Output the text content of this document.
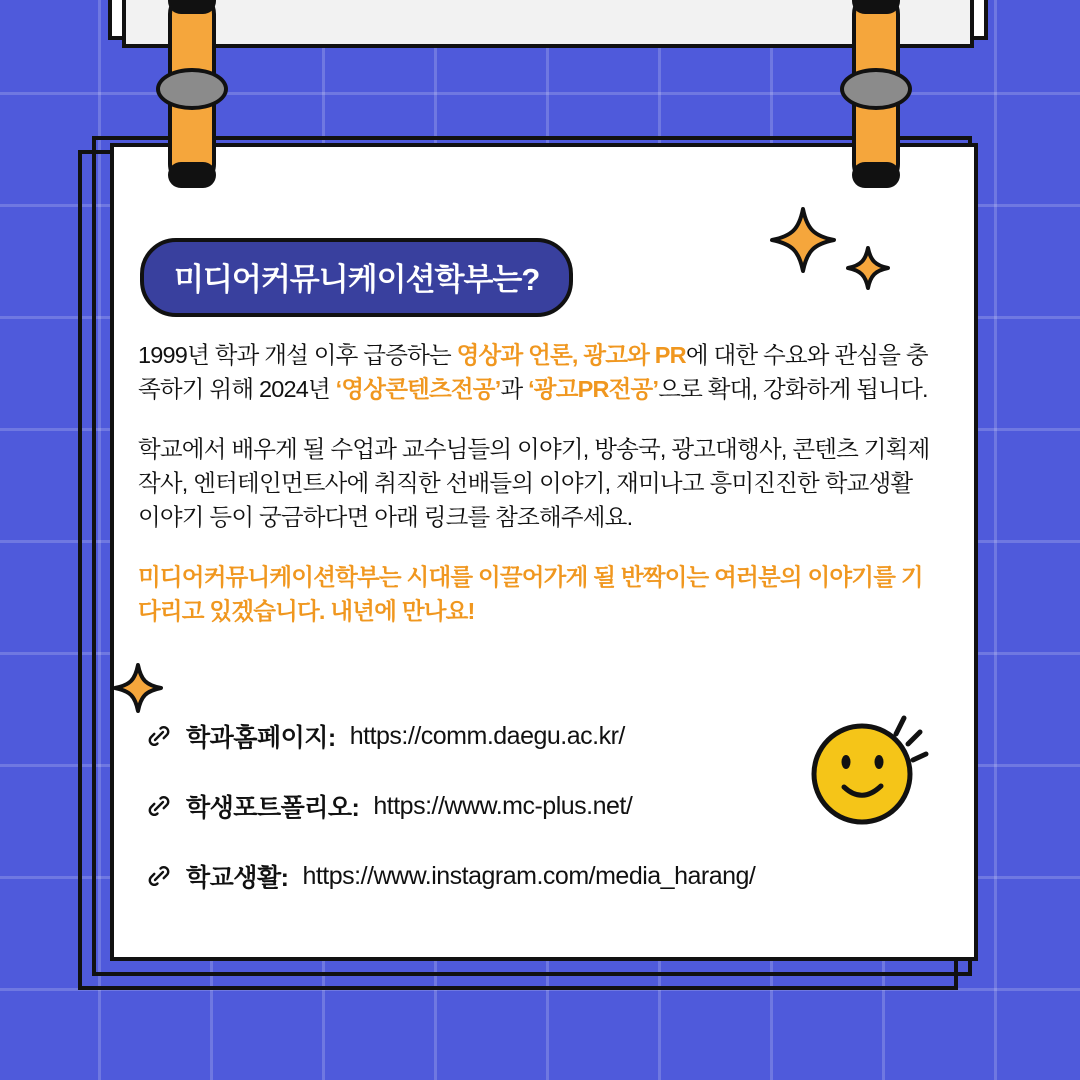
미디어커뮤니케이션학부는?

1999년 학과 개설 이후 급증하는 영상과 언론, 광고와 PR에 대한 수요와 관심을 충족하기 위해 2024년 ‘영상콘텐츠전공’과 ‘광고PR전공’으로 확대, 강화하게 됩니다.

학교에서 배우게 될 수업과 교수님들의 이야기, 방송국, 광고대행사, 콘텐츠 기획제작사, 엔터테인먼트사에 취직한 선배들의 이야기, 재미나고 흥미진진한 학교생활 이야기 등이 궁금하다면 아래 링크를 참조해주세요.

미디어커뮤니케이션학부는 시대를 이끌어가게 될 반짝이는 여러분의 이야기를 기다리고 있겠습니다. 내년에 만나요!

학과홈페이지: https://comm.daegu.ac.kr/
학생포트폴리오: https://www.mc-plus.net/
학교생활: https://www.instagram.com/media_harang/
